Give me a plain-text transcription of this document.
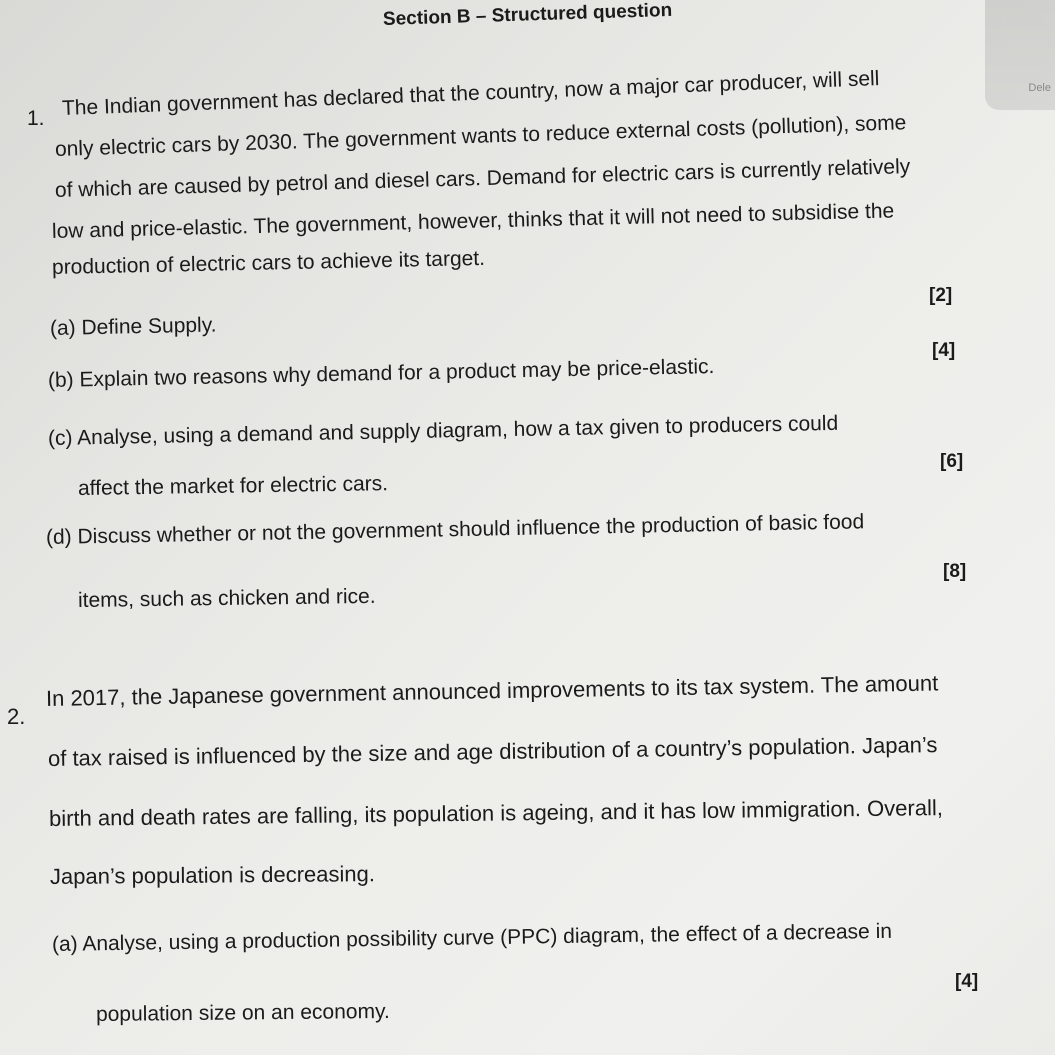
Dele
Section B – Structured question
1. The Indian government has declared that the country, now a major car producer, will sell
only electric cars by 2030. The government wants to reduce external costs (pollution), some
of which are caused by petrol and diesel cars. Demand for electric cars is currently relatively
low and price-elastic. The government, however, thinks that it will not need to subsidise the
production of electric cars to achieve its target.
[2]
(a) Define Supply.
(b) Explain two reasons why demand for a product may be price-elastic.
[4]
(c) Analyse, using a demand and supply diagram, how a tax given to producers could
[6]
affect the market for electric cars.
(d) Discuss whether or not the government should influence the production of basic food
[8]
items, such as chicken and rice.
2.
In 2017, the Japanese government announced improvements to its tax system. The amount
of tax raised is influenced by the size and age distribution of a country’s population. Japan’s
birth and death rates are falling, its population is ageing, and it has low immigration. Overall,
Japan’s population is decreasing.
(a) Analyse, using a production possibility curve (PPC) diagram, the effect of a decrease in
[4]
population size on an economy.
